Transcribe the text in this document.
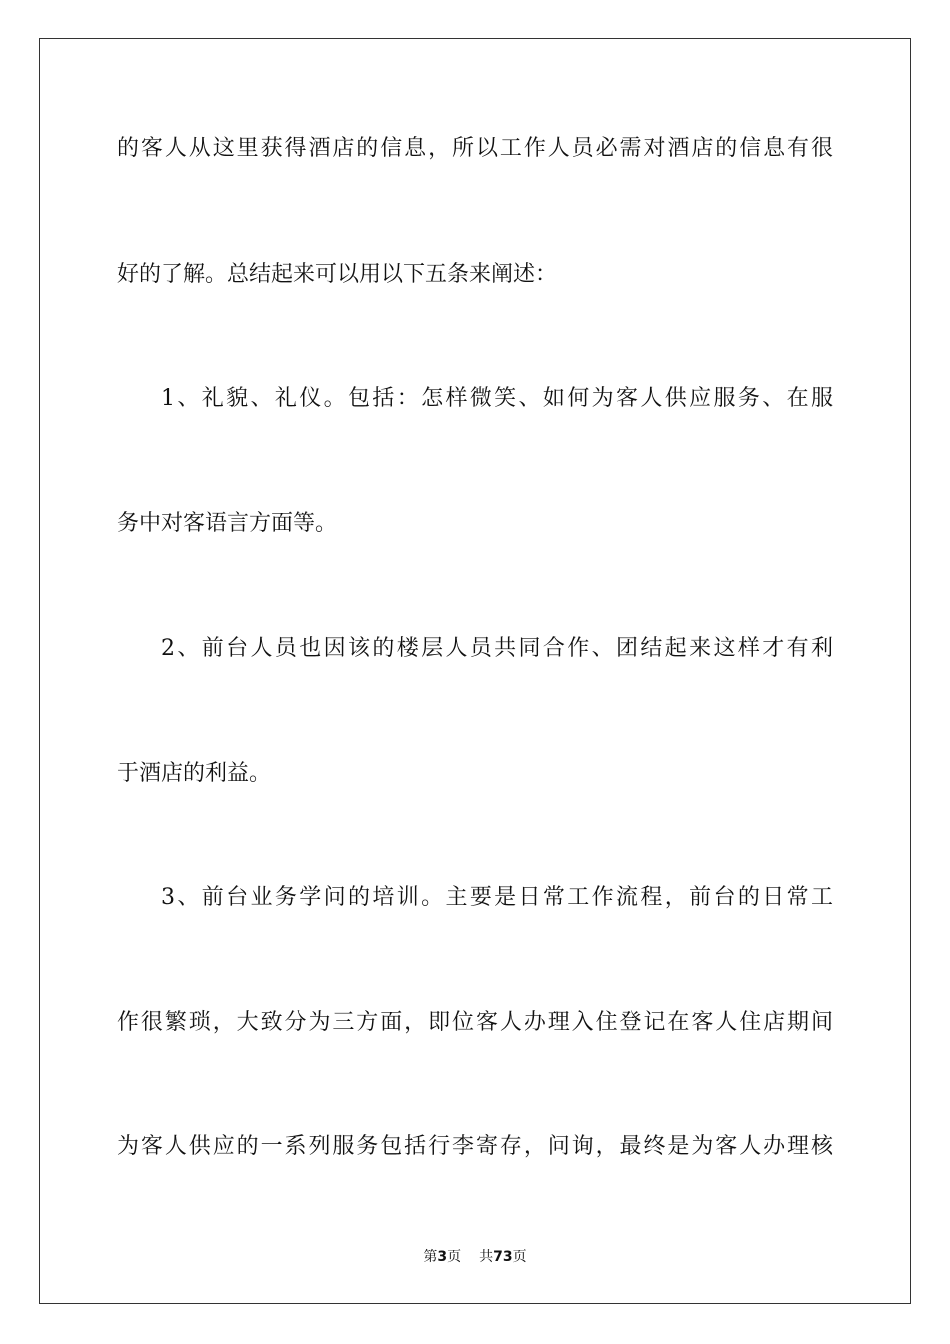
的客人从这里获得酒店的信息，所以工作人员必需对酒店的信息有很
好的了解。总结起来可以用以下五条来阐述：
1、礼貌、礼仪。包括：怎样微笑、如何为客人供应服务、在服
务中对客语言方面等。
2、前台人员也因该的楼层人员共同合作、团结起来这样才有利
于酒店的利益。
3、前台业务学问的培训。主要是日常工作流程，前台的日常工
作很繁琐，大致分为三方面，即位客人办理入住登记在客人住店期间
为客人供应的一系列服务包括行李寄存，问询，最终是为客人办理核
第3页 共73页
